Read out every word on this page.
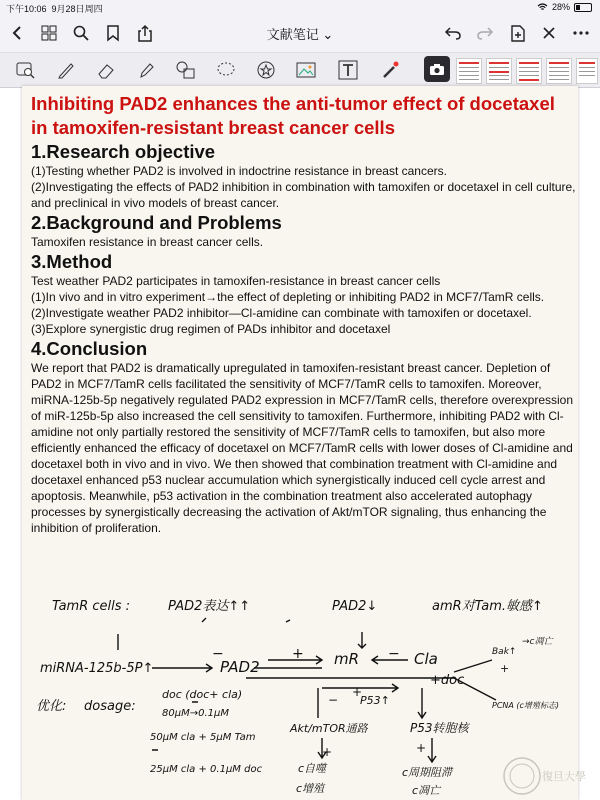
下午10:06 9月28日周四	28%
文献笔记 ⌄
Inhibiting PAD2 enhances the anti-tumor effect of docetaxel in tamoxifen-resistant breast cancer cells
1.Research objective

(1)Testing whether PAD2 is involved in indoctrine resistance in breast cancers.

(2)Investigating the effects of PAD2 inhibition in combination with tamoxifen or docetaxel in cell culture, and preclinical in vivo models of breast cancer.

2.Background and Problems

Tamoxifen resistance in breast cancer cells.

3.Method

Test weather PAD2 participates in tamoxifen-resistance in breast cancer cells

(1)In vivo and in vitro experiment→the effect of depleting or inhibiting PAD2 in MCF7/TamR cells.

(2)Investigate weather PAD2 inhibitor—Cl-amidine can combinate with tamoxifen or docetaxel.

(3)Explore synergistic drug regimen of PADs inhibitor and docetaxel

4.Conclusion

We report that PAD2 is dramatically upregulated in tamoxifen-resistant breast cancer. Depletion of PAD2 in MCF7/TamR cells facilitated the sensitivity of MCF7/TamR cells to tamoxifen. Moreover, miRNA-125b-5p negatively regulated PAD2 expression in MCF7/TamR cells, therefore overexpression of miR-125b-5p also increased the cell sensitivity to tamoxifen. Furthermore, inhibiting PAD2 with Cl-amidine not only partially restored the sensitivity of MCF7/TamR cells to tamoxifen, but also more efficiently enhanced the efficacy of docetaxel on MCF7/TamR cells with lower doses of Cl-amidine and docetaxel both in vivo and in vivo. We then showed that combination treatment with Cl-amidine and docetaxel enhanced p53 nuclear accumulation which synergistically induced cell cycle arrest and apoptosis. Meanwhile, p53 activation in the combination treatment also accelerated autophagy processes by synergistically decreasing the activation of Akt/mTOR signaling, thus enhancing the inhibition of proliferation.

TamR cells :	PAD2表达↑↑	PAD2↓	amR对Tam.敏感↑
miRNA-125b-5P↑	PAD2	mR	Cla
+doc
Bak↑
→c凋亡
P53↑
Akt/mTOR通路	P53转胞核
PCNA (c增殖标志)
c自噬
c增殖
c周期阻滞
c凋亡
优化: dosage:
doc (doc+ cla)
80μM→0.1μM
50μM cla + 5μM Tam
25μM cla + 0.1μM doc
+
−	−
+
−
+
+	+
復旦大學
